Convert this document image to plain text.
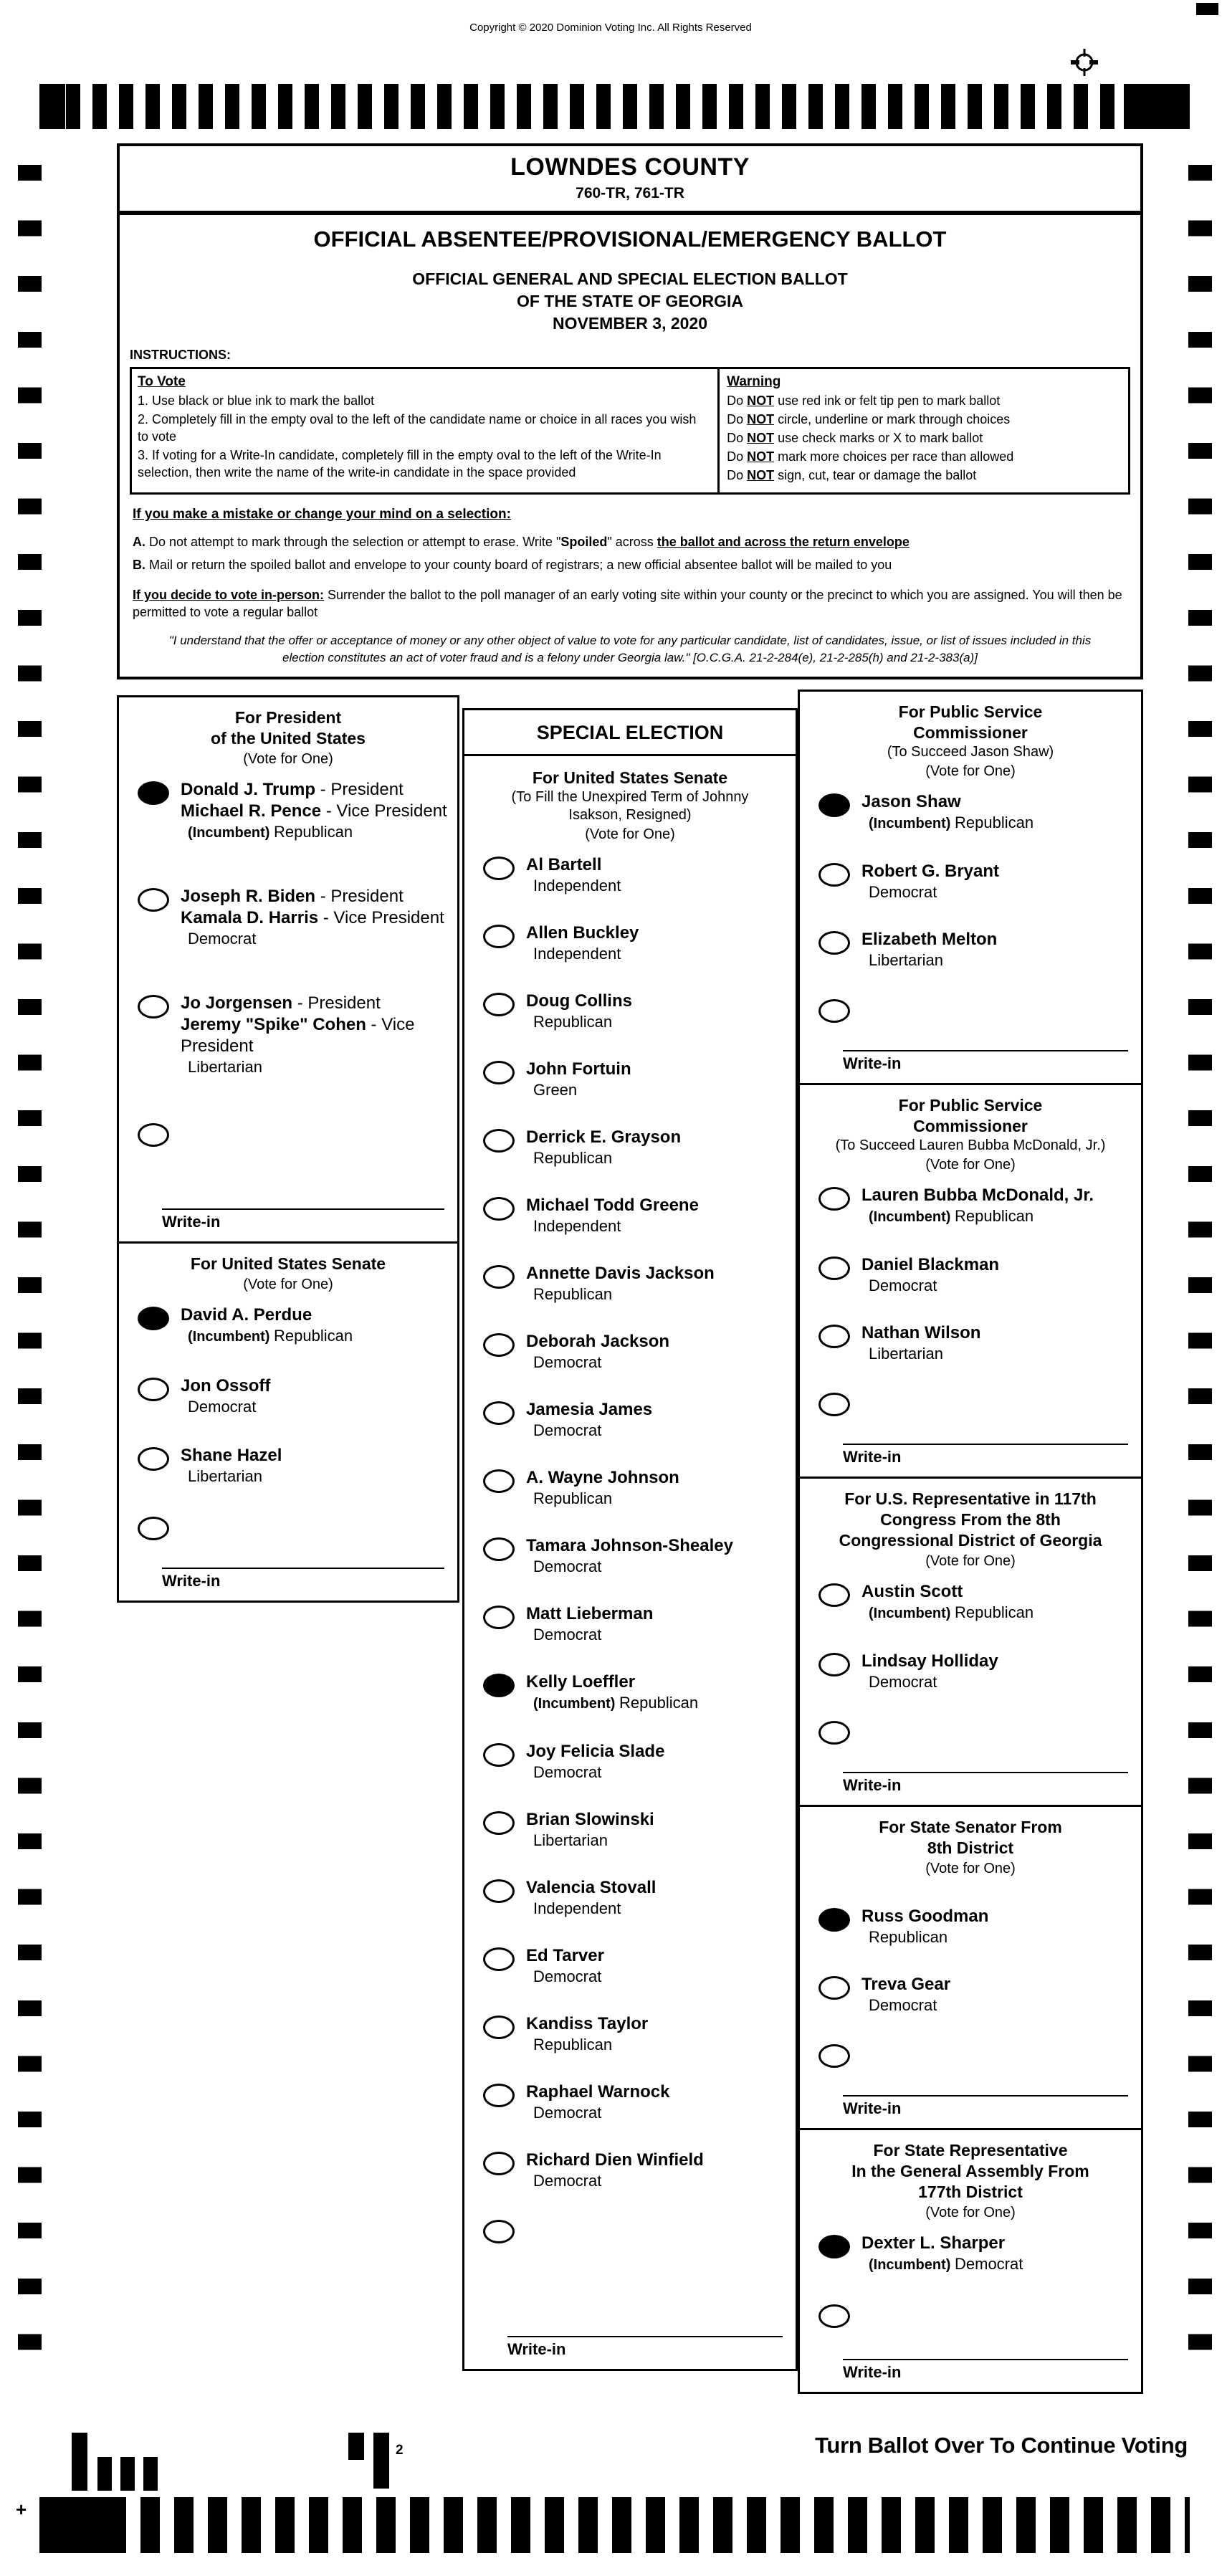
Copyright © 2020 Dominion Voting Inc. All Rights Reserved
LOWNDES COUNTY
760-TR, 761-TR
OFFICIAL ABSENTEE/PROVISIONAL/EMERGENCY BALLOT
OFFICIAL GENERAL AND SPECIAL ELECTION BALLOT
OF THE STATE OF GEORGIA
NOVEMBER 3, 2020
INSTRUCTIONS:
To Vote
1. Use black or blue ink to mark the ballot
2. Completely fill in the empty oval to the left of the candidate name or choice in all races you wish to vote
3. If voting for a Write-In candidate, completely fill in the empty oval to the left of the Write-In selection, then write the name of the write-in candidate in the space provided
Warning
Do NOT use red ink or felt tip pen to mark ballot
Do NOT circle, underline or mark through choices
Do NOT use check marks or X to mark ballot
Do NOT mark more choices per race than allowed
Do NOT sign, cut, tear or damage the ballot
If you make a mistake or change your mind on a selection:
A. Do not attempt to mark through the selection or attempt to erase. Write "Spoiled" across the ballot and across the return envelope
B. Mail or return the spoiled ballot and envelope to your county board of registrars; a new official absentee ballot will be mailed to you
If you decide to vote in-person: Surrender the ballot to the poll manager of an early voting site within your county or the precinct to which you are assigned. You will then be permitted to vote a regular ballot
"I understand that the offer or acceptance of money or any other object of value to vote for any particular candidate, list of candidates, issue, or list of issues included in this
election constitutes an act of voter fraud and is a felony under Georgia law." [O.C.G.A. 21-2-284(e), 21-2-285(h) and 21-2-383(a)]
For President
of the United States
(Vote for One)
Donald J. Trump - President
Michael R. Pence - Vice President
(Incumbent) Republican
Joseph R. Biden - President
Kamala D. Harris - Vice President
Democrat
Jo Jorgensen - President
Jeremy "Spike" Cohen - Vice President
Libertarian
Write-in
For United States Senate
(Vote for One)
David A. Perdue
(Incumbent) Republican
Jon Ossoff
Democrat
Shane Hazel
Libertarian
Write-in
SPECIAL ELECTION
For United States Senate
(To Fill the Unexpired Term of Johnny
Isakson, Resigned)
(Vote for One)
Al Bartell
Independent
Allen Buckley
Independent
Doug Collins
Republican
John Fortuin
Green
Derrick E. Grayson
Republican
Michael Todd Greene
Independent
Annette Davis Jackson
Republican
Deborah Jackson
Democrat
Jamesia James
Democrat
A. Wayne Johnson
Republican
Tamara Johnson-Shealey
Democrat
Matt Lieberman
Democrat
Kelly Loeffler
(Incumbent) Republican
Joy Felicia Slade
Democrat
Brian Slowinski
Libertarian
Valencia Stovall
Independent
Ed Tarver
Democrat
Kandiss Taylor
Republican
Raphael Warnock
Democrat
Richard Dien Winfield
Democrat
Write-in
For Public Service
Commissioner
(To Succeed Jason Shaw)
(Vote for One)
Jason Shaw
(Incumbent) Republican
Robert G. Bryant
Democrat
Elizabeth Melton
Libertarian
Write-in
For Public Service
Commissioner
(To Succeed Lauren Bubba McDonald, Jr.)
(Vote for One)
Lauren Bubba McDonald, Jr.
(Incumbent) Republican
Daniel Blackman
Democrat
Nathan Wilson
Libertarian
Write-in
For U.S. Representative in 117th
Congress From the 8th
Congressional District of Georgia
(Vote for One)
Austin Scott
(Incumbent) Republican
Lindsay Holliday
Democrat
Write-in
For State Senator From
8th District
(Vote for One)
Russ Goodman
Republican
Treva Gear
Democrat
Write-in
For State Representative
In the General Assembly From
177th District
(Vote for One)
Dexter L. Sharper
(Incumbent) Democrat
Write-in
2	Turn Ballot Over To Continue Voting
+
